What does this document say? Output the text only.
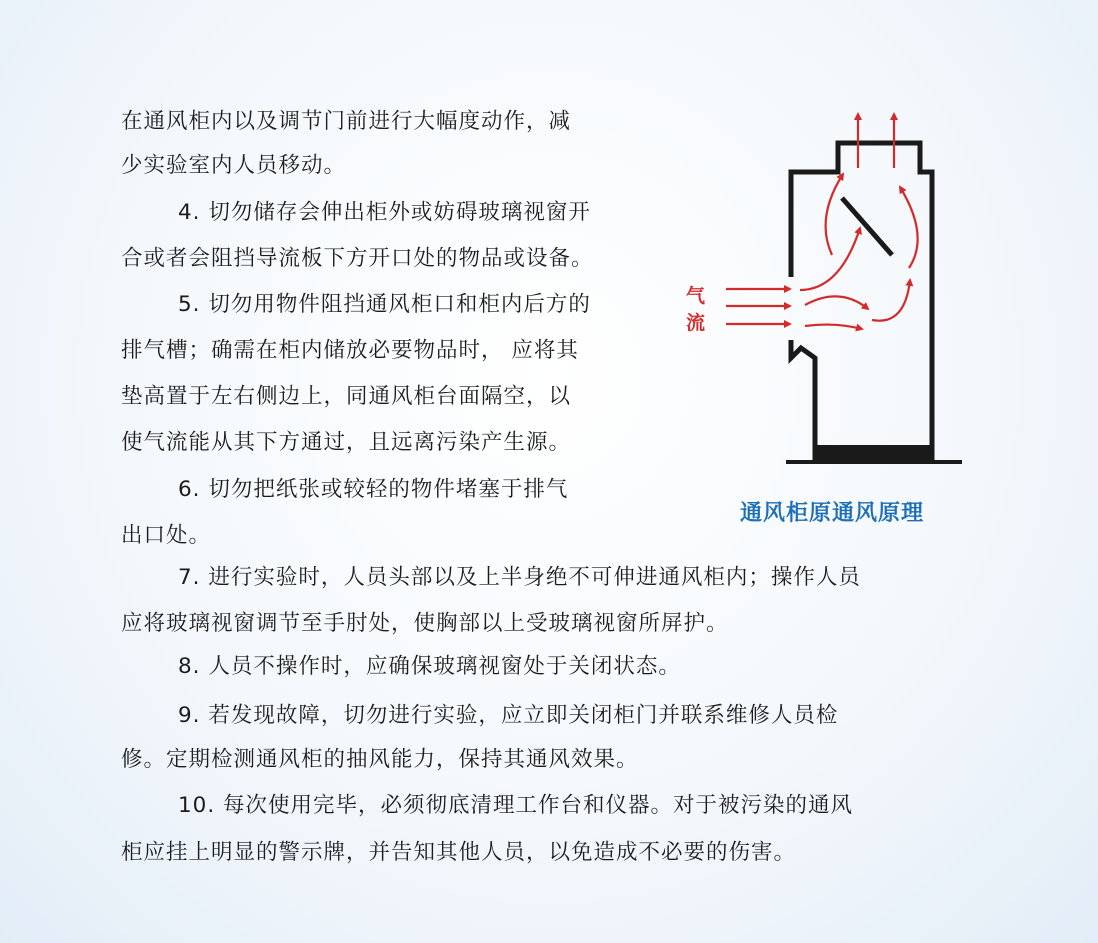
在通风柜内以及调节门前进行大幅度动作，减

少实验室内人员移动。

4. 切勿储存会伸出柜外或妨碍玻璃视窗开

合或者会阻挡导流板下方开口处的物品或设备。

5. 切勿用物件阻挡通风柜口和柜内后方的

排气槽；确需在柜内储放必要物品时， 应将其

垫高置于左右侧边上，同通风柜台面隔空，以

使气流能从其下方通过，且远离污染产生源。

6. 切勿把纸张或较轻的物件堵塞于排气

出口处。

7. 进行实验时，人员头部以及上半身绝不可伸进通风柜内；操作人员

应将玻璃视窗调节至手肘处，使胸部以上受玻璃视窗所屏护。

8. 人员不操作时，应确保玻璃视窗处于关闭状态。

9. 若发现故障，切勿进行实验，应立即关闭柜门并联系维修人员检

修。定期检测通风柜的抽风能力，保持其通风效果。

10. 每次使用完毕，必须彻底清理工作台和仪器。对于被污染的通风

柜应挂上明显的警示牌，并告知其他人员，以免造成不必要的伤害。

气
流
通风柜原通风原理
